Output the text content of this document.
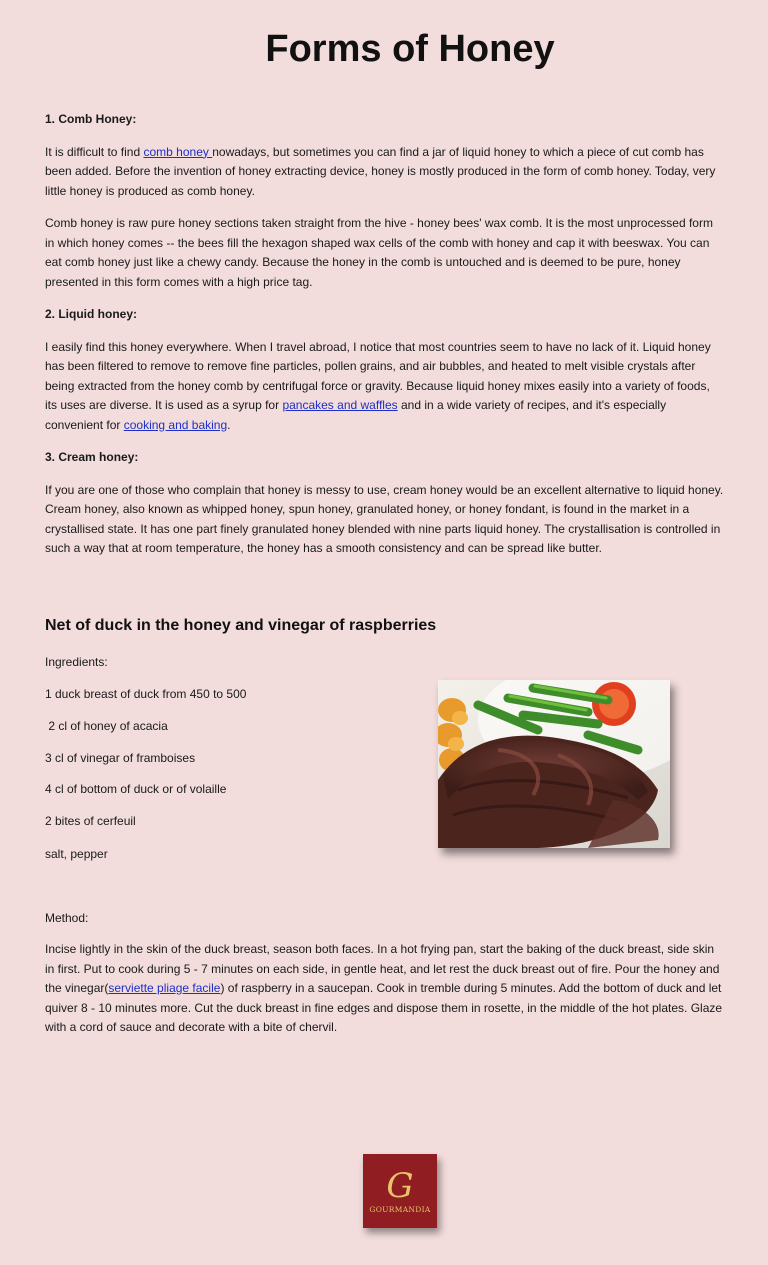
Forms of Honey

1. Comb Honey:

It is difficult to find comb honey nowadays, but sometimes you can find a jar of liquid honey to which a piece of cut comb has been added. Before the invention of honey extracting device, honey is mostly produced in the form of comb honey. Today, very little honey is produced as comb honey.

Comb honey is raw pure honey sections taken straight from the hive - honey bees' wax comb. It is the most unprocessed form in which honey comes -- the bees fill the hexagon shaped wax cells of the comb with honey and cap it with beeswax. You can eat comb honey just like a chewy candy. Because the honey in the comb is untouched and is deemed to be pure, honey presented in this form comes with a high price tag.

2. Liquid honey:

I easily find this honey everywhere. When I travel abroad, I notice that most countries seem to have no lack of it. Liquid honey has been filtered to remove to remove fine particles, pollen grains, and air bubbles, and heated to melt visible crystals after being extracted from the honey comb by centrifugal force or gravity. Because liquid honey mixes easily into a variety of foods, its uses are diverse. It is used as a syrup for pancakes and waffles and in a wide variety of recipes, and it's especially convenient for cooking and baking.

3. Cream honey:

If you are one of those who complain that honey is messy to use, cream honey would be an excellent alternative to liquid honey. Cream honey, also known as whipped honey, spun honey, granulated honey, or honey fondant, is found in the market in a crystallised state. It has one part finely granulated honey blended with nine parts liquid honey. The crystallisation is controlled in such a way that at room temperature, the honey has a smooth consistency and can be spread like butter.

Net of duck in the honey and vinegar of raspberries
Ingredients:
1 duck breast of duck from 450 to 500
2 cl of honey of acacia
3 cl of vinegar of framboises
4 cl of bottom of duck or of volaille
2 bites of cerfeuil
salt, pepper
Method:
Incise lightly in the skin of the duck breast, season both faces. In a hot frying pan, start the baking of the duck breast, side skin in first. Put to cook during 5 - 7 minutes on each side, in gentle heat, and let rest the duck breast out of fire. Pour the honey and the vinegar(serviette pliage facile) of raspberry in a saucepan. Cook in tremble during 5 minutes. Add the bottom of duck and let quiver 8 - 10 minutes more. Cut the duck breast in fine edges and dispose them in rosette, in the middle of the hot plates. Glaze with a cord of sauce and decorate with a bite of chervil.
G
GOURMANDIA
